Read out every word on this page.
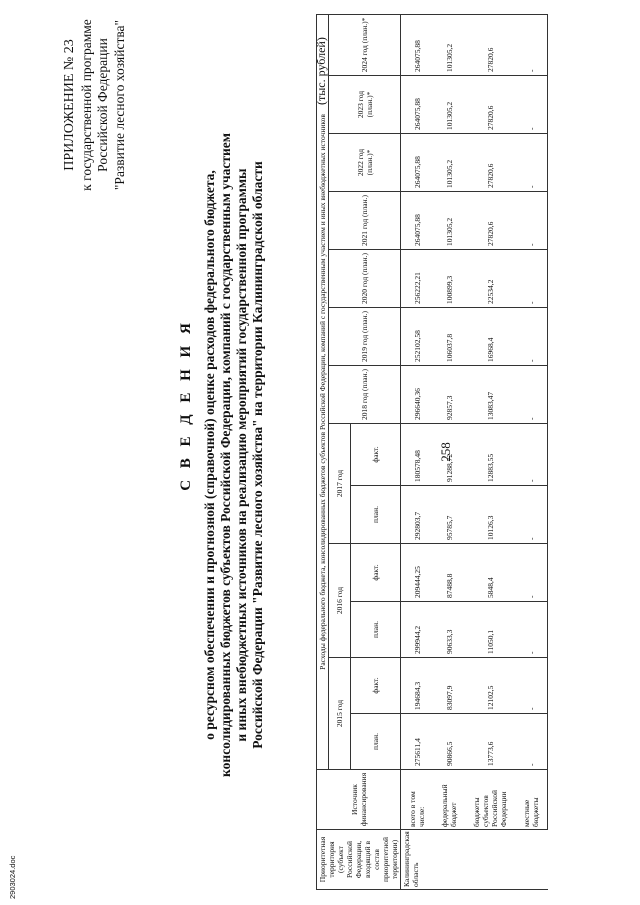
258
2903024.doc
ПРИЛОЖЕНИЕ № 23 к государственной программе Российской Федерации "Развитие лесного хозяйства"
С В Е Д Е Н И Я о ресурсном обеспечении и прогнозной (справочной) оценке расходов федерального бюджета, консолидированных бюджетов субъектов Российской Федерации, компаний с государственным участием и иных внебюджетных источников на реализацию мероприятий государственной программы Российской Федерации "Развитие лесного хозяйства" на территории Калининградской области
(тыс. рублей)
Приоритетная территория (субъект Российской Федерации, входящий в состав приоритетной территории)	Источник финансирования	Расходы федерального бюджета, консолидированных бюджетов субъектов Российской Федерации, компаний с государственным участием и иных внебюджетных источников												
		2015 год		2016 год		2017 год		2018 год (план.)	2019 год (план.)	2020 год (план.)	2021 год (план.)	2022 год (план.)*	2023 год (план.)*	2024 год (план.)*
		план.	факт.	план.	факт.	план.	факт.							

Калининградская область	всего в том числе:	275611,4	194684,3	299944,2	209444,25	292803,7	180578,48	296640,36	252102,58	256222,21	264075,88	264075,88	264075,88	264075,88
	федеральный бюджет	90866,5	83097,9	90633,3	87488,8	95785,7	91288,72	92857,3	106037,8	100899,3	101305,2	101305,2	101305,2	101305,2
	бюджеты субъектов Российской Федерации	13773,6	12102,5	11050,1	5848,4	10126,3	12883,55	13083,47	16968,4	22534,2	27820,6	27820,6	27820,6	27820,6
	местные бюджеты	-	-	-	-	-	-	-	-	-	-	-	-	-
